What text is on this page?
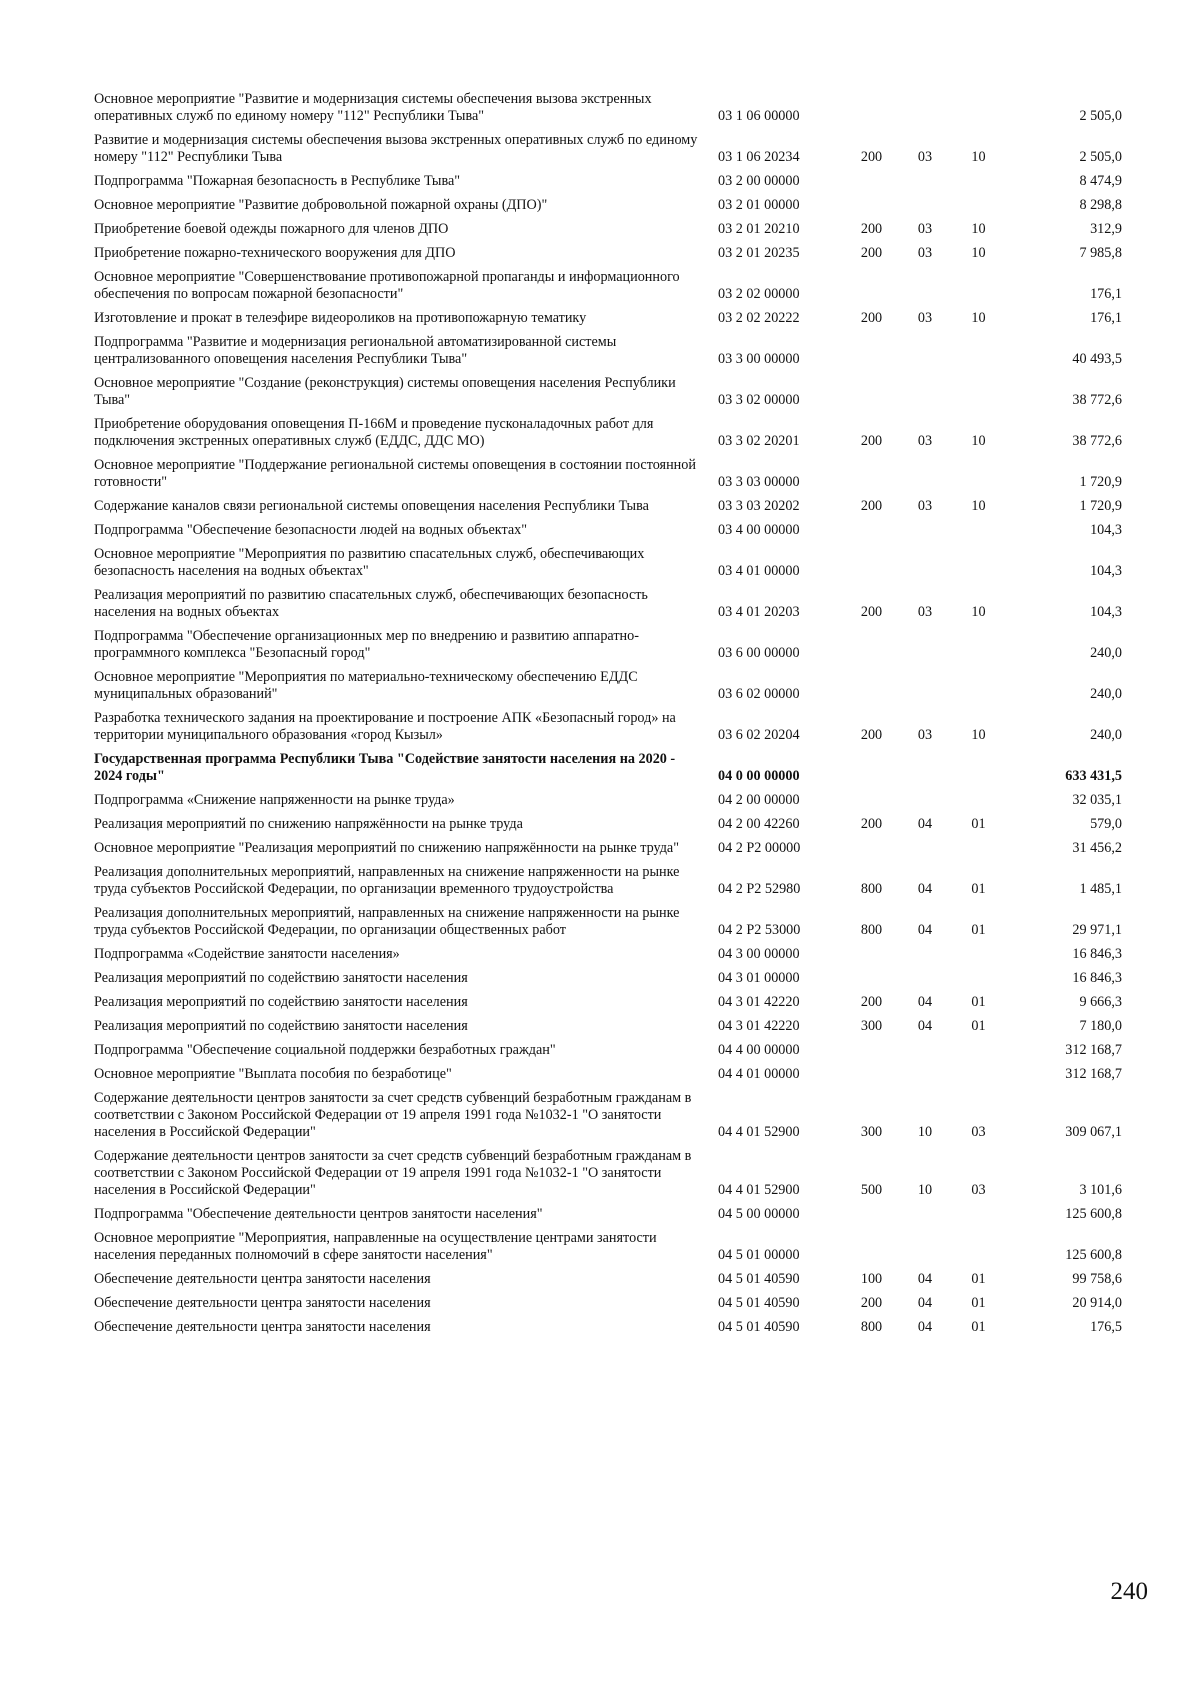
Основное мероприятие "Развитие и модернизация системы обеспечения вызова экстренных оперативных служб по единому номеру "112" Республики Тыва"	03 1 06 00000				2 505,0
Развитие и модернизация системы обеспечения вызова экстренных оперативных служб по единому номеру "112" Республики Тыва	03 1 06 20234	200	03	10	2 505,0
Подпрограмма "Пожарная безопасность в Республике Тыва"	03 2 00 00000				8 474,9
Основное мероприятие "Развитие добровольной пожарной охраны (ДПО)"	03 2 01 00000				8 298,8
Приобретение боевой одежды пожарного для членов ДПО	03 2 01 20210	200	03	10	312,9
Приобретение пожарно-технического вооружения для ДПО	03 2 01 20235	200	03	10	7 985,8
Основное мероприятие "Совершенствование противопожарной пропаганды и информационного обеспечения по вопросам пожарной безопасности"	03 2 02 00000				176,1
Изготовление и прокат в телеэфире видеороликов на противопожарную тематику	03 2 02 20222	200	03	10	176,1
Подпрограмма "Развитие и модернизация региональной автоматизированной системы централизованного оповещения населения Республики Тыва"	03 3 00 00000				40 493,5
Основное мероприятие "Создание (реконструкция) системы оповещения населения Республики Тыва"	03 3 02 00000				38 772,6
Приобретение оборудования оповещения П-166М и проведение пусконаладочных работ для подключения экстренных оперативных служб (ЕДДС, ДДС МО)	03 3 02 20201	200	03	10	38 772,6
Основное мероприятие "Поддержание региональной системы оповещения в состоянии постоянной готовности"	03 3 03 00000				1 720,9
Содержание каналов связи региональной системы оповещения населения Республики Тыва	03 3 03 20202	200	03	10	1 720,9
Подпрограмма "Обеспечение безопасности людей на водных объектах"	03 4 00 00000				104,3
Основное мероприятие "Мероприятия по развитию спасательных служб, обеспечивающих безопасность населения на водных объектах"	03 4 01 00000				104,3
Реализация мероприятий по развитию спасательных служб, обеспечивающих безопасность населения на водных объектах	03 4 01 20203	200	03	10	104,3
Подпрограмма "Обеспечение организационных мер по внедрению и развитию аппаратно-программного комплекса "Безопасный город"	03 6 00 00000				240,0
Основное мероприятие "Мероприятия по материально-техническому обеспечению ЕДДС муниципальных образований"	03 6 02 00000				240,0
Разработка технического задания на проектирование и построение АПК «Безопасный город» на территории муниципального образования «город Кызыл»	03 6 02 20204	200	03	10	240,0
Государственная программа Республики Тыва "Содействие занятости населения на 2020 - 2024 годы"	04 0 00 00000				633 431,5
Подпрограмма «Снижение напряженности на рынке труда»	04 2 00 00000				32 035,1
Реализация мероприятий по снижению напряжённости на рынке труда	04 2 00 42260	200	04	01	579,0
Основное мероприятие "Реализация мероприятий по снижению напряжённости на рынке труда"	04 2 P2 00000				31 456,2
Реализация дополнительных мероприятий, направленных на снижение напряженности на рынке труда субъектов Российской Федерации, по организации временного трудоустройства	04 2 P2 52980	800	04	01	1 485,1
Реализация дополнительных мероприятий, направленных на снижение напряженности на рынке труда субъектов Российской Федерации, по организации общественных работ	04 2 P2 53000	800	04	01	29 971,1
Подпрограмма «Содействие занятости населения»	04 3 00 00000				16 846,3
Реализация мероприятий по содействию занятости населения	04 3 01 00000				16 846,3
Реализация мероприятий по содействию занятости населения	04 3 01 42220	200	04	01	9 666,3
Реализация мероприятий по содействию занятости населения	04 3 01 42220	300	04	01	7 180,0
Подпрограмма "Обеспечение социальной поддержки безработных граждан"	04 4 00 00000				312 168,7
Основное мероприятие "Выплата пособия по безработице"	04 4 01 00000				312 168,7
Содержание деятельности центров занятости за счет средств субвенций безработным гражданам в соответствии с Законом Российской Федерации от 19 апреля 1991 года №1032-1 "О занятости населения в Российской Федерации"	04 4 01 52900	300	10	03	309 067,1
Содержание деятельности центров занятости за счет средств субвенций безработным гражданам в соответствии с Законом Российской Федерации от 19 апреля 1991 года №1032-1 "О занятости населения в Российской Федерации"	04 4 01 52900	500	10	03	3 101,6
Подпрограмма "Обеспечение деятельности центров занятости населения"	04 5 00 00000				125 600,8
Основное мероприятие "Мероприятия, направленные на осуществление центрами занятости населения переданных полномочий в сфере занятости населения"	04 5 01 00000				125 600,8
Обеспечение деятельности центра занятости населения	04 5 01 40590	100	04	01	99 758,6
Обеспечение деятельности центра занятости населения	04 5 01 40590	200	04	01	20 914,0
Обеспечение деятельности центра занятости населения	04 5 01 40590	800	04	01	176,5
240
